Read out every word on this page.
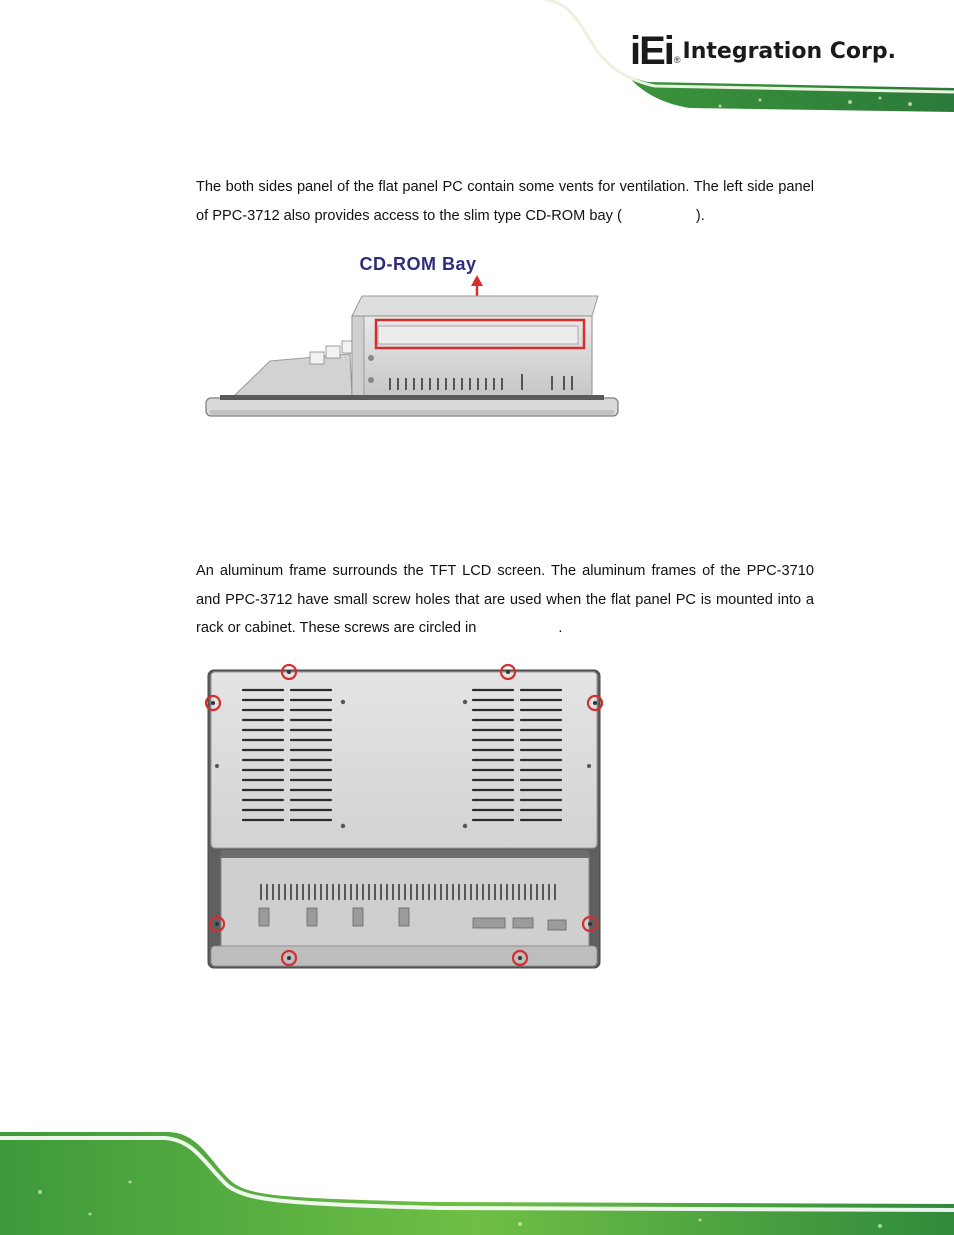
iEi ® Integration Corp.

The both sides panel of the flat panel PC contain some vents for ventilation. The left side panel of PPC-3712 also provides access to the slim type CD-ROM bay (	).

CD-ROM Bay

An aluminum frame surrounds the TFT LCD screen. The aluminum frames of the PPC-3710 and PPC-3712 have small screw holes that are used when the flat panel PC is mounted into a rack or cabinet. These screws are circled in	.
